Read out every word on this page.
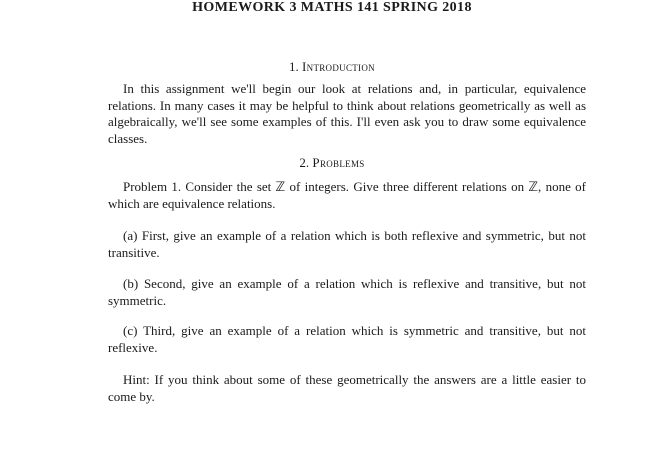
HOMEWORK 3 MATHS 141 SPRING 2018
1. Introduction
In this assignment we'll begin our look at relations and, in particular, equivalence relations. In many cases it may be helpful to think about relations geometrically as well as algebraically, we'll see some examples of this. I'll even ask you to draw some equivalence classes.
2. Problems
Problem 1. Consider the set ℤ of integers. Give three different relations on ℤ, none of which are equivalence relations.
(a) First, give an example of a relation which is both reflexive and symmetric, but not transitive.
(b) Second, give an example of a relation which is reflexive and transitive, but not symmetric.
(c) Third, give an example of a relation which is symmetric and transitive, but not reflexive.
Hint: If you think about some of these geometrically the answers are a little easier to come by.
